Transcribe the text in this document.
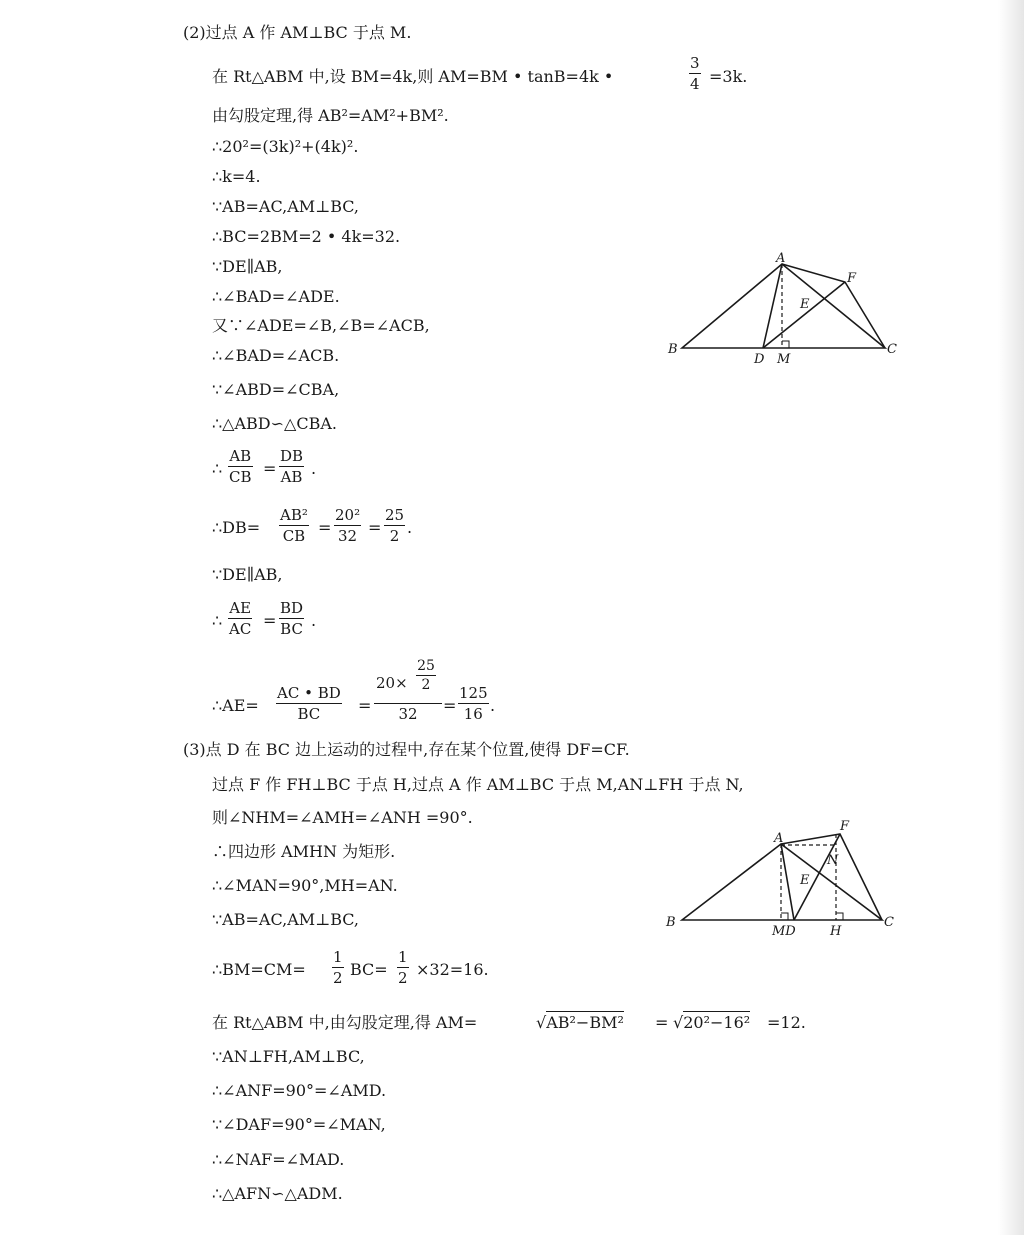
(2)过点 A 作 AM⊥BC 于点 M.
在 Rt△ABM 中,设 BM=4k,则 AM=BM • tanB=4k •
3
4 =3k.
由勾股定理,得 AB²=AM²+BM².
∴20²=(3k)²+(4k)².
∴k=4.
∵AB=AC,AM⊥BC,
∴BC=2BM=2 • 4k=32.
∵DE∥AB,
∴∠BAD=∠ADE.
又∵∠ADE=∠B,∠B=∠ACB,
∴∠BAD=∠ACB.
∵∠ABD=∠CBA,
∴△ABD∽△CBA.
∴
AB
CB =
DB
AB .
∴DB=
AB²
CB =
20²
32 =
25
2 .
∵DE∥AB,
∴
AE
AC =
BD
BC .
∴AE=
AC • BD
BC	=
20×
25
2
32	=
125
16 .
A
F
E
B
D M
C
(3)点 D 在 BC 边上运动的过程中,存在某个位置,使得 DF=CF.
过点 F 作 FH⊥BC 于点 H,过点 A 作 AM⊥BC 于点 M,AN⊥FH 于点 N,
则∠NHM=∠AMH=∠ANH =90°.
∴四边形 AMHN 为矩形.
∴∠MAN=90°,MH=AN.
∵AB=AC,AM⊥BC,
∴BM=CM=
1
2 BC=
1
2 ×32=16.
在 Rt△ABM 中,由勾股定理,得 AM=	√AB²−BM² = √20²−16² =12.
∵AN⊥FH,AM⊥BC,
∴∠ANF=90°=∠AMD.
∵∠DAF=90°=∠MAN,
∴∠NAF=∠MAD.
∴△AFN∽△ADM.
A
F
N
E
B
MD	H
C
